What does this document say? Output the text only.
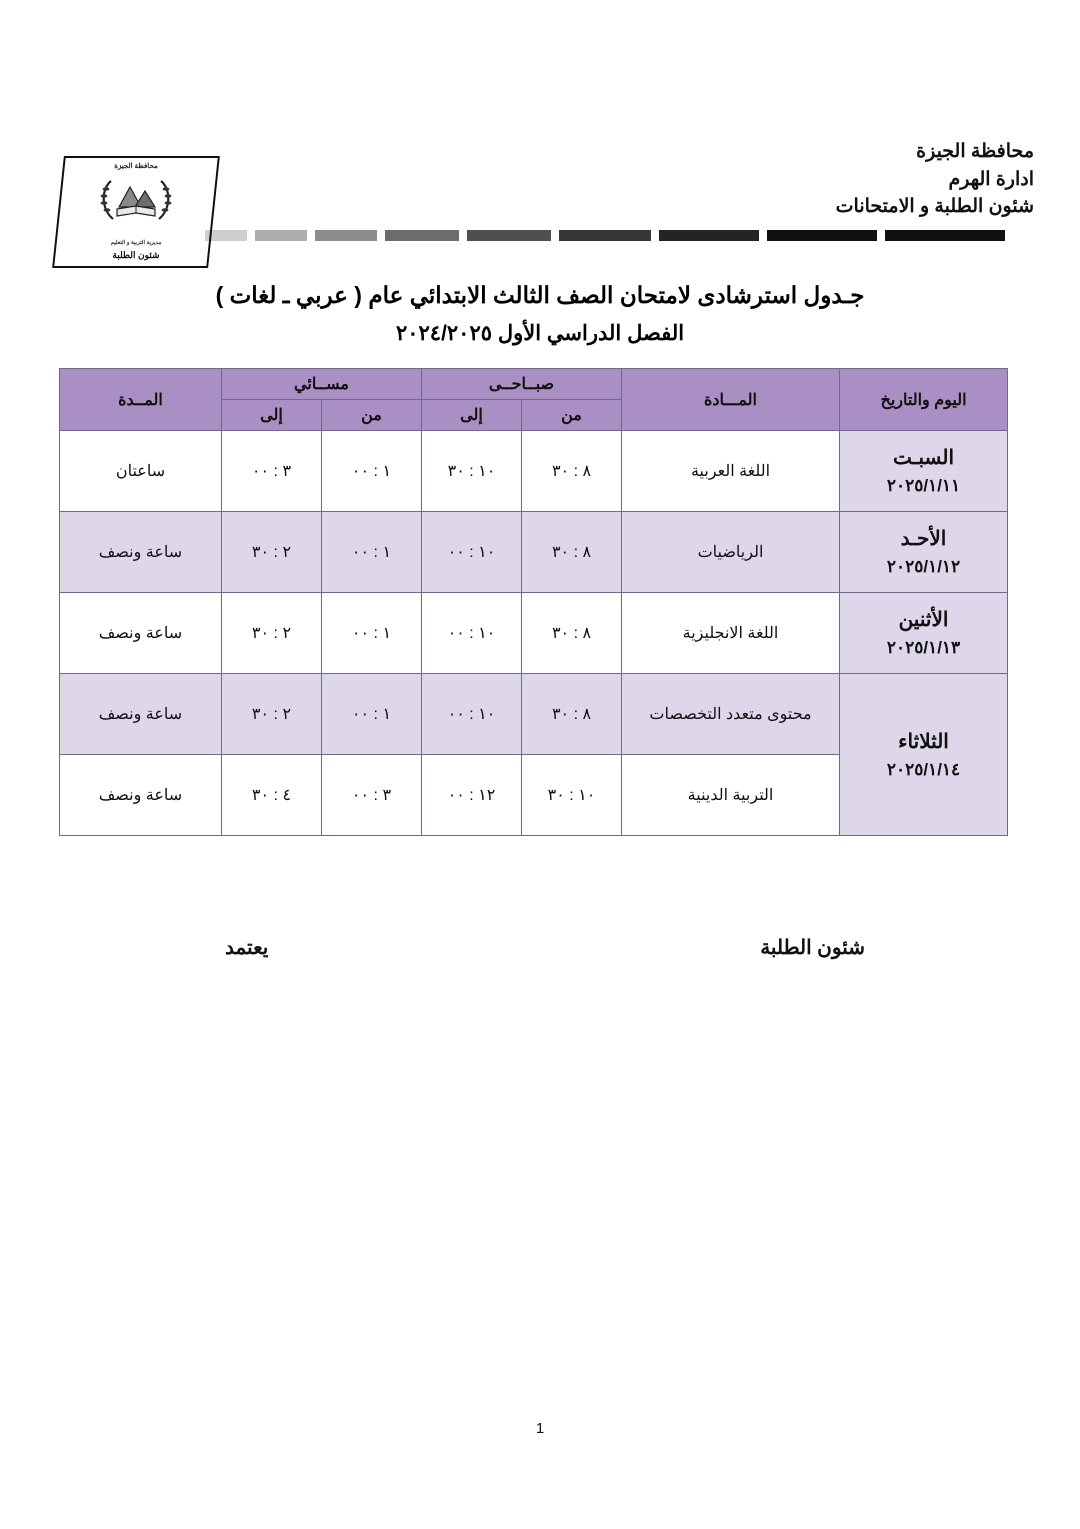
محافظة الجيزة
مديرية التربية و التعليم
شئون الطلبة
محافظة الجيزة
ادارة الهرم
شئون الطلبة و الامتحانات
جـدول استرشادى لامتحان الصف الثالث الابتدائي عام ( عربي ـ لغات )
الفصل الدراسي الأول ٢٠٢٤/٢٠٢٥
اليوم والتاريخ	المـــادة	صبــاحــى		مســائي		المــدة
		من	إلى	من	إلى	

السبـت
٢٠٢٥/١/١١	اللغة العربية	٨ : ٣٠	١٠ : ٣٠	١ : ٠٠	٣ : ٠٠	ساعتان

الأحـد
٢٠٢٥/١/١٢	الرياضيات	٨ : ٣٠	١٠ : ٠٠	١ : ٠٠	٢ : ٣٠	ساعة ونصف

الأثنين
٢٠٢٥/١/١٣	اللغة الانجليزية	٨ : ٣٠	١٠ : ٠٠	١ : ٠٠	٢ : ٣٠	ساعة ونصف

الثلاثاء
٢٠٢٥/١/١٤	محتوى متعدد التخصصات	٨ : ٣٠	١٠ : ٠٠	١ : ٠٠	٢ : ٣٠	ساعة ونصف
	التربية الدينية	١٠ : ٣٠	١٢ : ٠٠	٣ : ٠٠	٤ : ٣٠	ساعة ونصف
شئون الطلبة
يعتمد
1
